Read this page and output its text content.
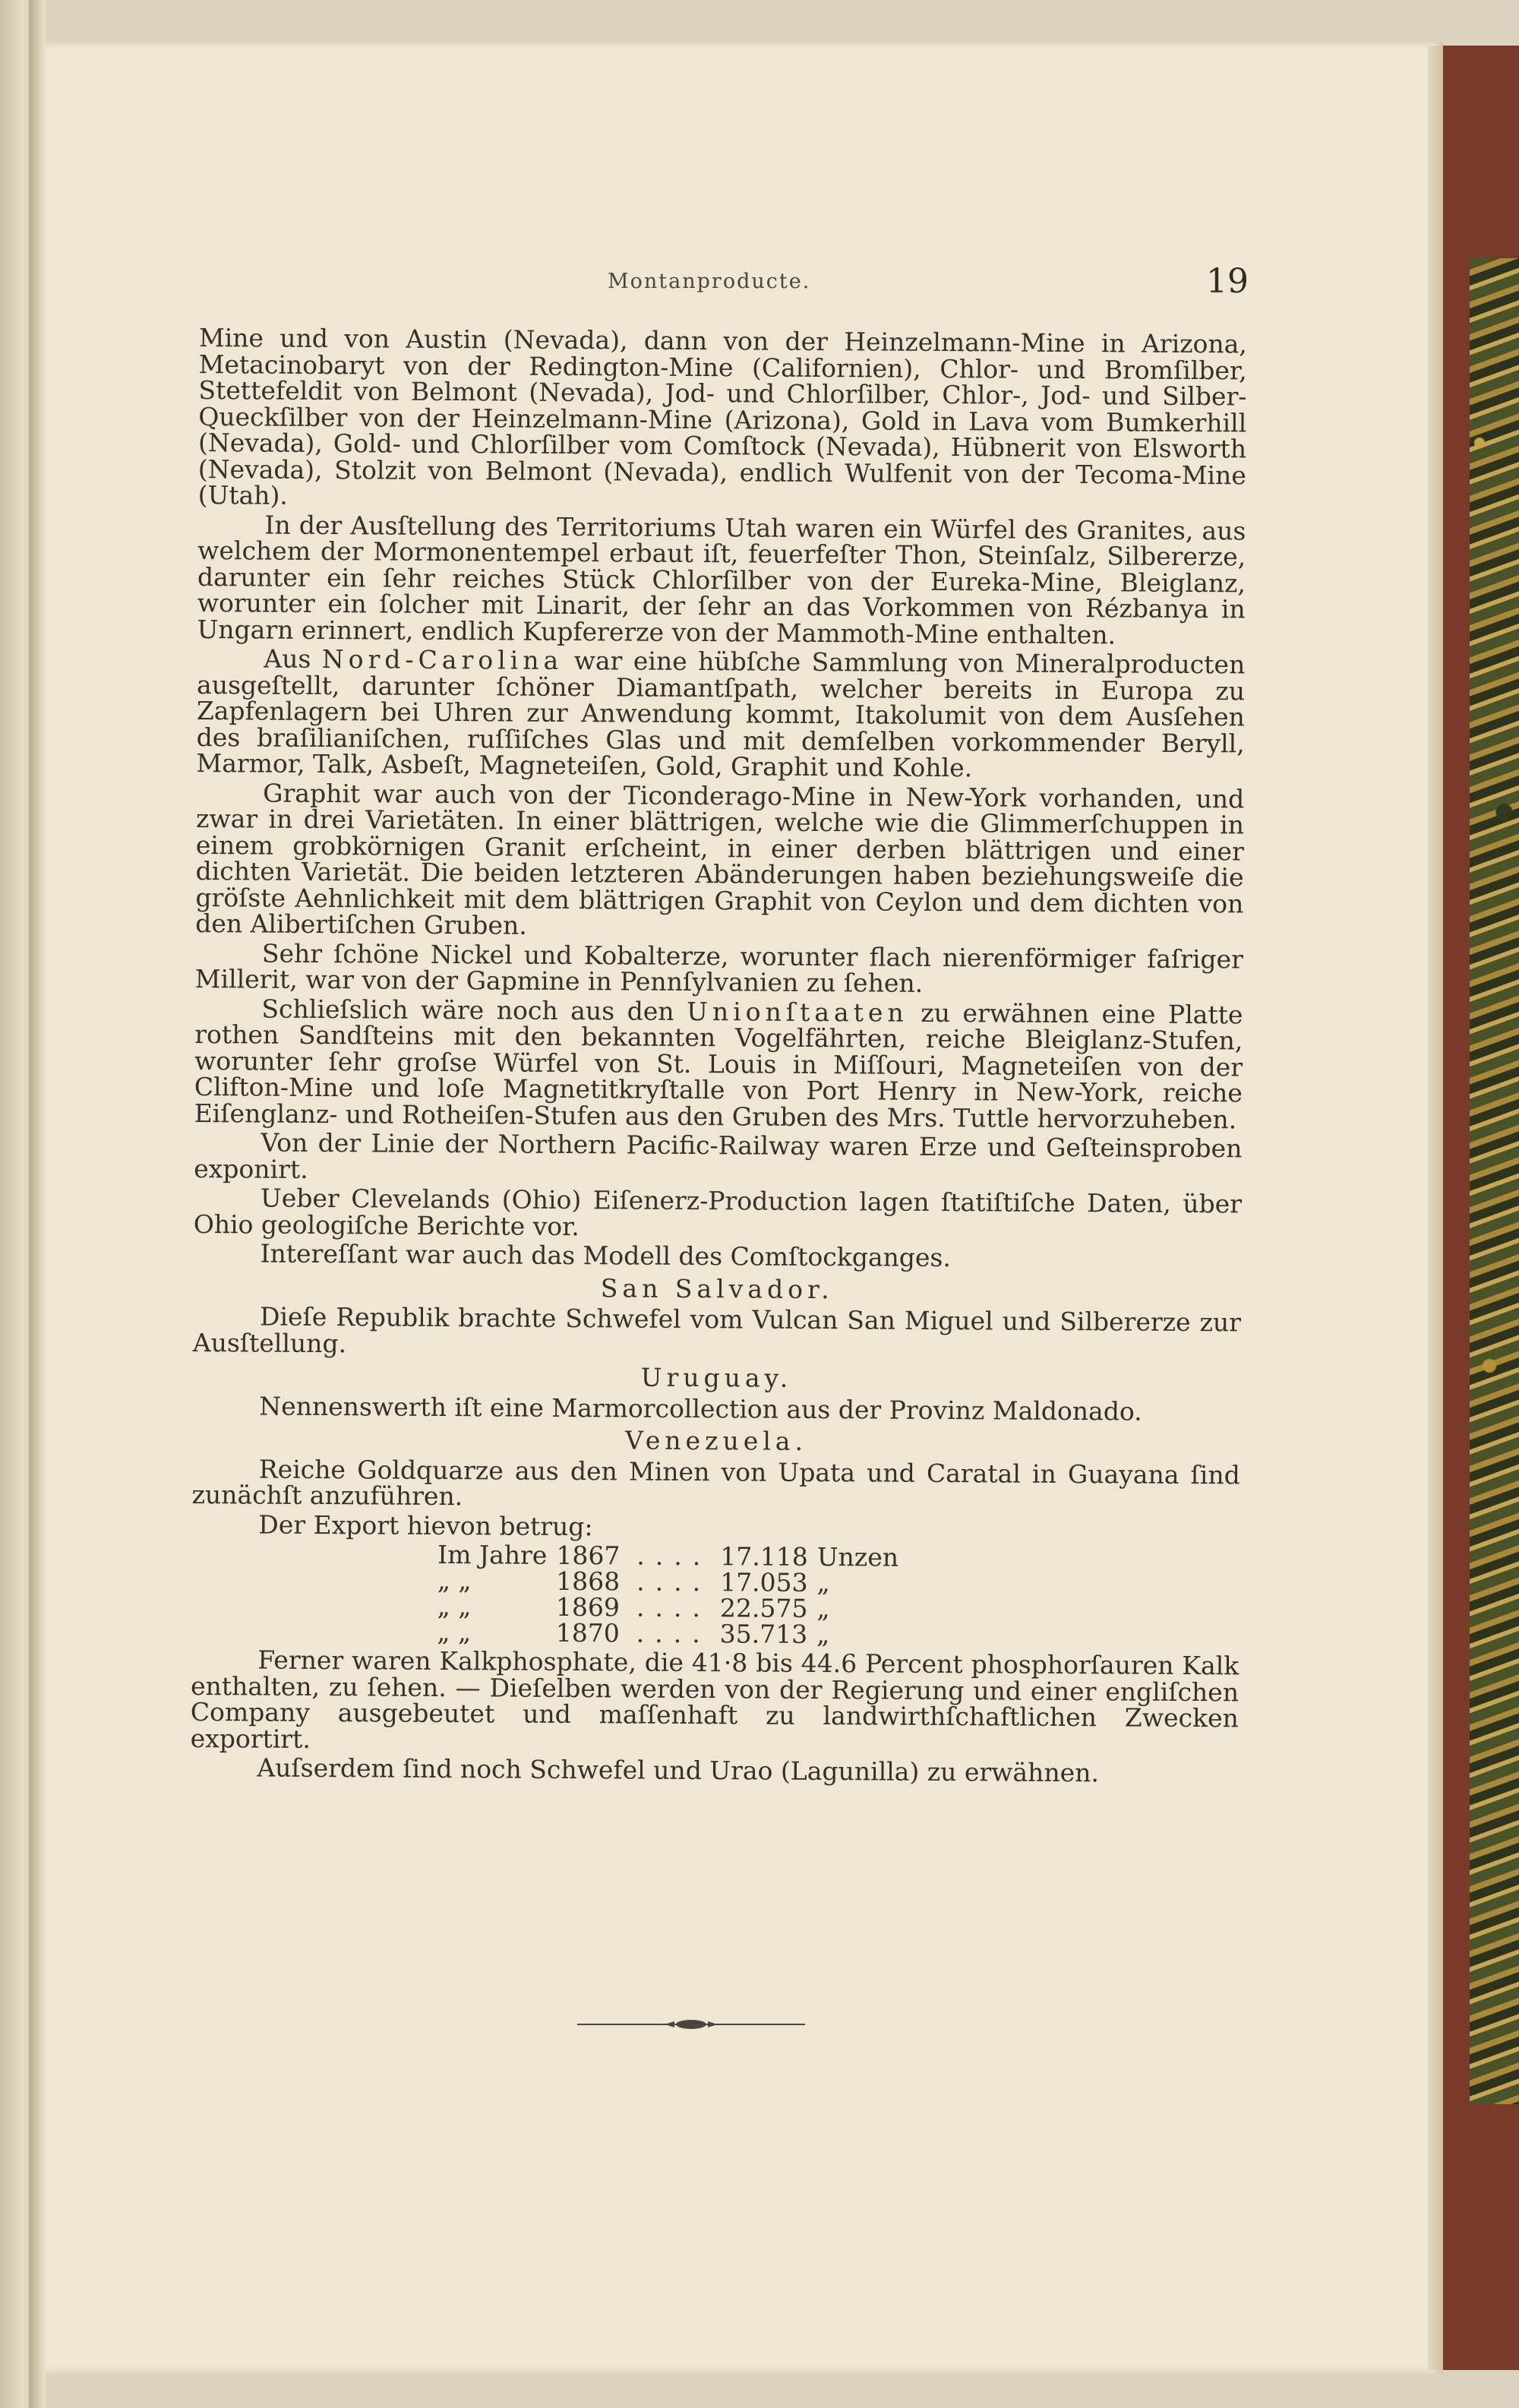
Montanproducte.	19

Mine und von Austin (Nevada), dann von der Heinzelmann-Mine in Arizona, Metacinobaryt von der Redington-Mine (Californien), Chlor- und Bromſilber, Stettefeldit von Belmont (Nevada), Jod- und Chlorſilber, Chlor-, Jod- und Silber-Queckſilber von der Heinzelmann-Mine (Arizona), Gold in Lava vom Bumkerhill (Nevada), Gold- und Chlorſilber vom Comſtock (Nevada), Hübnerit von Elsworth (Nevada), Stolzit von Belmont (Nevada), endlich Wulfenit von der Tecoma-Mine (Utah).

In der Ausſtellung des Territoriums Utah waren ein Würfel des Granites, aus welchem der Mormonentempel erbaut iſt, feuerfeſter Thon, Steinſalz, Silbererze, darunter ein ſehr reiches Stück Chlorſilber von der Eureka-Mine, Bleiglanz, worunter ein ſolcher mit Linarit, der ſehr an das Vorkommen von Rézbanya in Ungarn erinnert, endlich Kupfererze von der Mammoth-Mine enthalten.

Aus Nord-Carolina war eine hübſche Sammlung von Mineralproducten ausgeſtellt, darunter ſchöner Diamantſpath, welcher bereits in Europa zu Zapfenlagern bei Uhren zur Anwendung kommt, Itakolumit von dem Ausſehen des braſilianiſchen, ruſſiſches Glas und mit demſelben vorkommender Beryll, Marmor, Talk, Asbeſt, Magneteiſen, Gold, Graphit und Kohle.

Graphit war auch von der Ticonderago-Mine in New-York vorhanden, und zwar in drei Varietäten. In einer blättrigen, welche wie die Glimmerſchuppen in einem grobkörnigen Granit erſcheint, in einer derben blättrigen und einer dichten Varietät. Die beiden letzteren Abänderungen haben beziehungsweiſe die gröſste Aehnlichkeit mit dem blättrigen Graphit von Ceylon und dem dichten von den Alibertiſchen Gruben.

Sehr ſchöne Nickel und Kobalterze, worunter flach nierenförmiger faſriger Millerit, war von der Gapmine in Pennſylvanien zu ſehen.

Schlieſslich wäre noch aus den Unionſtaaten zu erwähnen eine Platte rothen Sandſteins mit den bekannten Vogelfährten, reiche Bleiglanz-Stufen, worunter ſehr groſse Würfel von St. Louis in Miſſouri, Magneteiſen von der Clifton-Mine und loſe Magnetitkryſtalle von Port Henry in New-York, reiche Eiſenglanz- und Rotheiſen-Stufen aus den Gruben des Mrs. Tuttle hervorzuheben.

Von der Linie der Northern Pacific-Railway waren Erze und Geſteinsproben exponirt.

Ueber Clevelands (Ohio) Eiſenerz-Production lagen ſtatiſtiſche Daten, über Ohio geologiſche Berichte vor.

Intereſſant war auch das Modell des Comſtockganges.

San Salvador.

Dieſe Republik brachte Schwefel vom Vulcan San Miguel und Silbererze zur Ausſtellung.

Uruguay.

Nennenswerth iſt eine Marmorcollection aus der Provinz Maldonado.

Venezuela.

Reiche Goldquarze aus den Minen von Upata und Caratal in Guayana ſind zunächſt anzuführen.

Der Export hievon betrug:

Im Jahre	1867	....	17.118	Unzen
„ „	1868	....	17.053	„
„ „	1869	....	22.575	„
„ „	1870	....	35.713	„

Ferner waren Kalkphosphate, die 41·8 bis 44.6 Percent phosphorſauren Kalk enthalten, zu ſehen. — Dieſelben werden von der Regierung und einer engliſchen Company ausgebeutet und maſſenhaft zu landwirthſchaftlichen Zwecken exportirt.

Auſserdem ſind noch Schwefel und Urao (Lagunilla) zu erwähnen.
